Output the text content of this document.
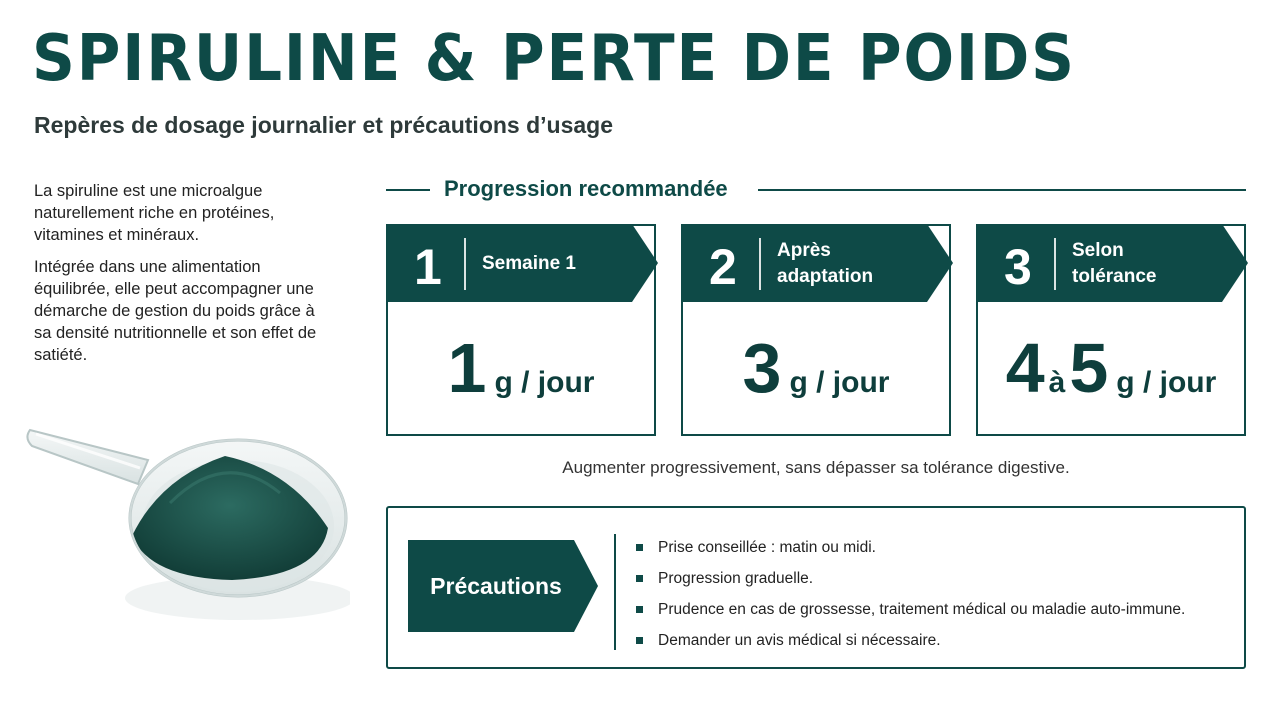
SPIRULINE & PERTE DE POIDS
Repères de dosage journalier et précautions d’usage

La spiruline est une microalgue naturellement riche en protéines, vitamines et minéraux.

Intégrée dans une alimentation équilibrée, elle peut accompagner une démarche de gestion du poids grâce à sa densité nutritionnelle et son effet de satiété.

Progression recommandée
1 Semaine 1
1 g / jour
2 Après adaptation
3 g / jour
3 Selon tolérance
4 à5 g / jour
Augmenter progressivement, sans dépasser sa tolérance digestive.
Précautions
Prise conseillée : matin ou midi.
Progression graduelle.
Prudence en cas de grossesse, traitement médical ou maladie auto-immune.
Demander un avis médical si nécessaire.
